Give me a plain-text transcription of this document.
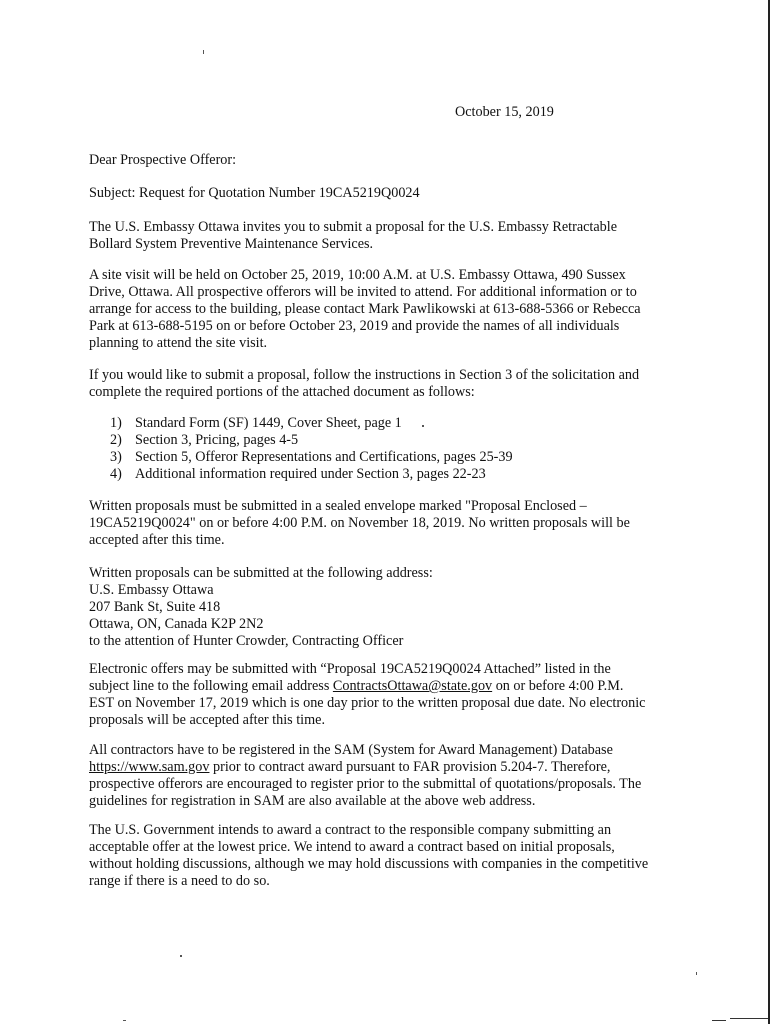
October 15, 2019
Dear Prospective Offeror:
Subject: Request for Quotation Number 19CA5219Q0024
The U.S. Embassy Ottawa invites you to submit a proposal for the U.S. Embassy Retractable
Bollard System Preventive Maintenance Services.
A site visit will be held on October 25, 2019, 10:00 A.M. at U.S. Embassy Ottawa, 490 Sussex
Drive, Ottawa. All prospective offerors will be invited to attend. For additional information or to
arrange for access to the building, please contact Mark Pawlikowski at 613-688-5366 or Rebecca
Park at 613-688-5195 on or before October 23, 2019 and provide the names of all individuals
planning to attend the site visit.
If you would like to submit a proposal, follow the instructions in Section 3 of the solicitation and
complete the required portions of the attached document as follows:
1) Standard Form (SF) 1449, Cover Sheet, page 1
2) Section 3, Pricing, pages 4-5
3) Section 5, Offeror Representations and Certifications, pages 25-39
4) Additional information required under Section 3, pages 22-23
Written proposals must be submitted in a sealed envelope marked "Proposal Enclosed –
19CA5219Q0024" on or before 4:00 P.M. on November 18, 2019. No written proposals will be
accepted after this time.
Written proposals can be submitted at the following address:
U.S. Embassy Ottawa
207 Bank St, Suite 418
Ottawa, ON, Canada K2P 2N2
to the attention of Hunter Crowder, Contracting Officer
Electronic offers may be submitted with “Proposal 19CA5219Q0024 Attached” listed in the
subject line to the following email address ContractsOttawa@state.gov on or before 4:00 P.M.
EST on November 17, 2019 which is one day prior to the written proposal due date. No electronic
proposals will be accepted after this time.
All contractors have to be registered in the SAM (System for Award Management) Database
https://www.sam.gov prior to contract award pursuant to FAR provision 5.204-7. Therefore,
prospective offerors are encouraged to register prior to the submittal of quotations/proposals. The
guidelines for registration in SAM are also available at the above web address.
The U.S. Government intends to award a contract to the responsible company submitting an
acceptable offer at the lowest price. We intend to award a contract based on initial proposals,
without holding discussions, although we may hold discussions with companies in the competitive
range if there is a need to do so.
